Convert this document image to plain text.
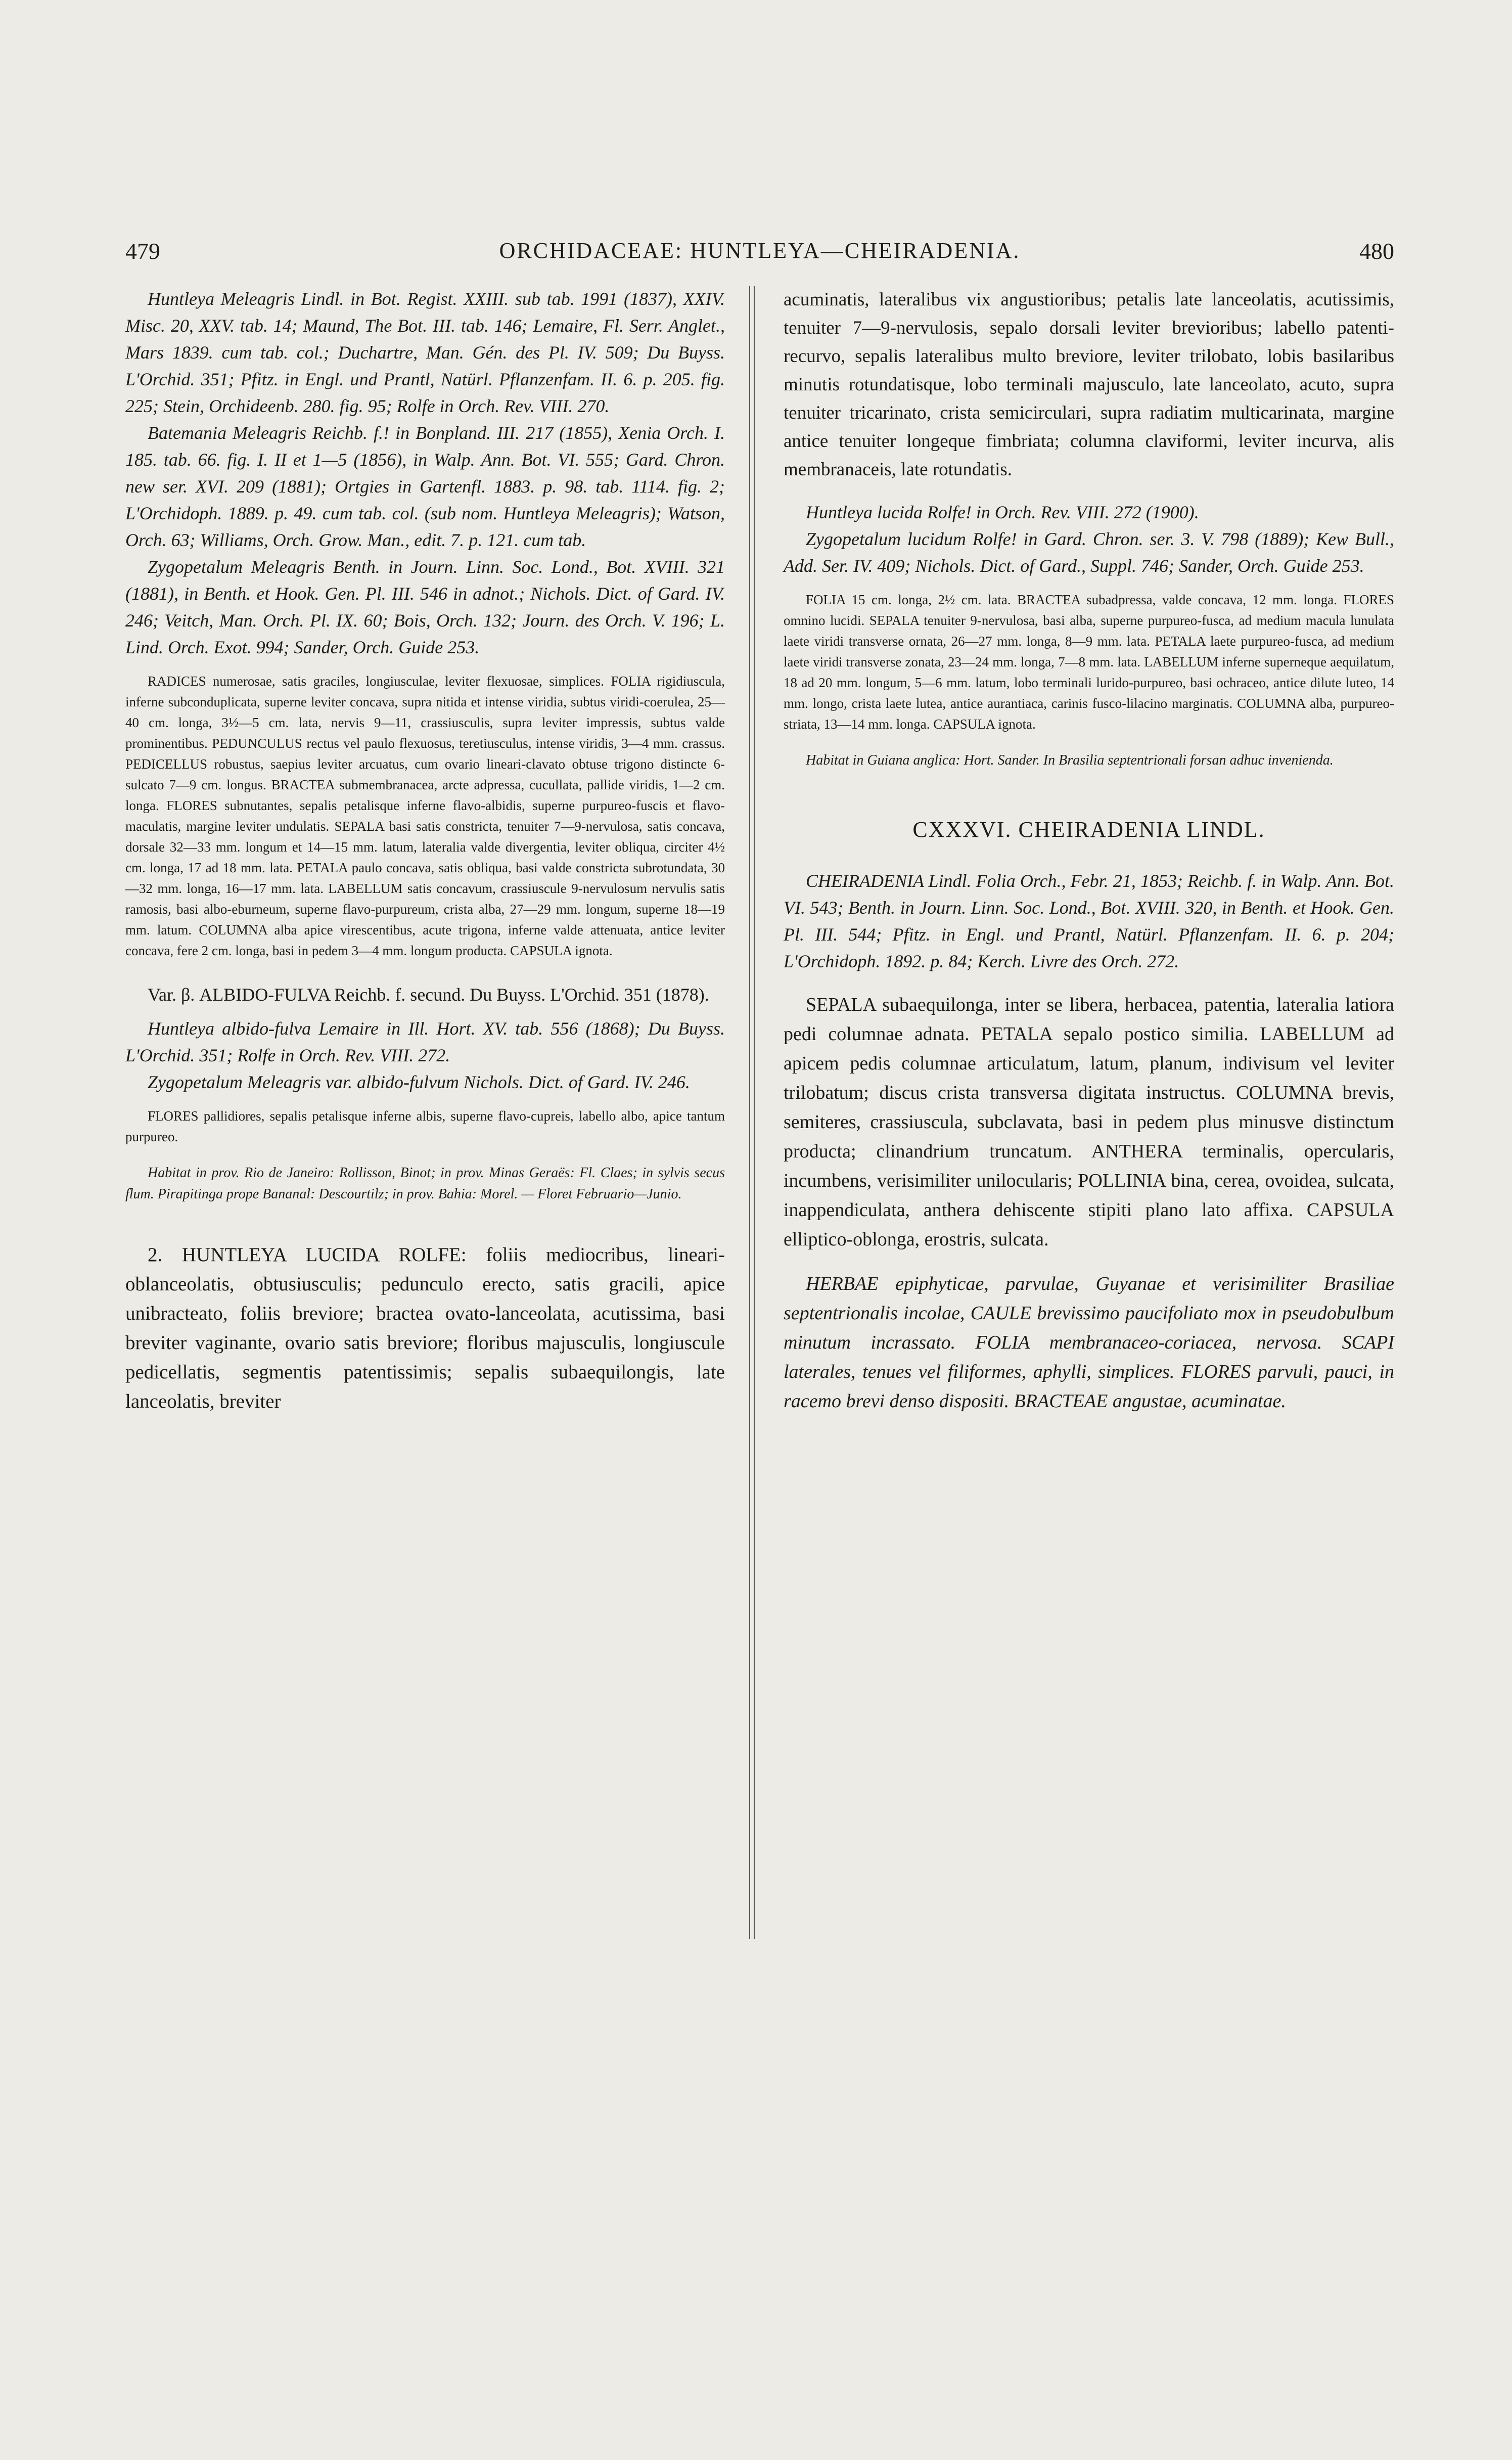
479	ORCHIDACEAE: HUNTLEYA—CHEIRADENIA.	480

Huntleya Meleagris Lindl. in Bot. Regist. XXIII. sub tab. 1991 (1837), XXIV. Misc. 20, XXV. tab. 14; Maund, The Bot. III. tab. 146; Lemaire, Fl. Serr. Anglet., Mars 1839. cum tab. col.; Duchartre, Man. Gén. des Pl. IV. 509; Du Buyss. L'Orchid. 351; Pfitz. in Engl. und Prantl, Natürl. Pflanzenfam. II. 6. p. 205. fig. 225; Stein, Orchideenb. 280. fig. 95; Rolfe in Orch. Rev. VIII. 270.

Batemania Meleagris Reichb. f.! in Bonpland. III. 217 (1855), Xenia Orch. I. 185. tab. 66. fig. I. II et 1—5 (1856), in Walp. Ann. Bot. VI. 555; Gard. Chron. new ser. XVI. 209 (1881); Ortgies in Gartenfl. 1883. p. 98. tab. 1114. fig. 2; L'Orchidoph. 1889. p. 49. cum tab. col. (sub nom. Huntleya Meleagris); Watson, Orch. 63; Williams, Orch. Grow. Man., edit. 7. p. 121. cum tab.

Zygopetalum Meleagris Benth. in Journ. Linn. Soc. Lond., Bot. XVIII. 321 (1881), in Benth. et Hook. Gen. Pl. III. 546 in adnot.; Nichols. Dict. of Gard. IV. 246; Veitch, Man. Orch. Pl. IX. 60; Bois, Orch. 132; Journ. des Orch. V. 196; L. Lind. Orch. Exot. 994; Sander, Orch. Guide 253.

RADICES numerosae, satis graciles, longiusculae, leviter flexuosae, simplices. FOLIA rigidiuscula, inferne subconduplicata, superne leviter concava, supra nitida et intense viridia, subtus viridi-coerulea, 25—40 cm. longa, 3½—5 cm. lata, nervis 9—11, crassiusculis, supra leviter impressis, subtus valde prominentibus. PEDUNCULUS rectus vel paulo flexuosus, teretiusculus, intense viridis, 3—4 mm. crassus. PEDICELLUS robustus, saepius leviter arcuatus, cum ovario lineari-clavato obtuse trigono distincte 6-sulcato 7—9 cm. longus. BRACTEA submembranacea, arcte adpressa, cucullata, pallide viridis, 1—2 cm. longa. FLORES subnutantes, sepalis petalisque inferne flavo-albidis, superne purpureo-fuscis et flavo-maculatis, margine leviter undulatis. SEPALA basi satis constricta, tenuiter 7—9-nervulosa, satis concava, dorsale 32—33 mm. longum et 14—15 mm. latum, lateralia valde divergentia, leviter obliqua, circiter 4½ cm. longa, 17 ad 18 mm. lata. PETALA paulo concava, satis obliqua, basi valde constricta subrotundata, 30—32 mm. longa, 16—17 mm. lata. LABELLUM satis concavum, crassiuscule 9-nervulosum nervulis satis ramosis, basi albo-eburneum, superne flavo-purpureum, crista alba, 27—29 mm. longum, superne 18—19 mm. latum. COLUMNA alba apice virescentibus, acute trigona, inferne valde attenuata, antice leviter concava, fere 2 cm. longa, basi in pedem 3—4 mm. longum producta. CAPSULA ignota.

Var. β. ALBIDO-FULVA Reichb. f. secund. Du Buyss. L'Orchid. 351 (1878).

Huntleya albido-fulva Lemaire in Ill. Hort. XV. tab. 556 (1868); Du Buyss. L'Orchid. 351; Rolfe in Orch. Rev. VIII. 272.

Zygopetalum Meleagris var. albido-fulvum Nichols. Dict. of Gard. IV. 246.

FLORES pallidiores, sepalis petalisque inferne albis, superne flavo-cupreis, labello albo, apice tantum purpureo.

Habitat in prov. Rio de Janeiro: Rollisson, Binot; in prov. Minas Geraës: Fl. Claes; in sylvis secus flum. Pirapitinga prope Bananal: Descourtilz; in prov. Bahia: Morel. — Floret Februario—Junio.

2. HUNTLEYA LUCIDA ROLFE: foliis mediocribus, lineari-oblanceolatis, obtusiusculis; pedunculo erecto, satis gracili, apice unibracteato, foliis breviore; bractea ovato-lanceolata, acutissima, basi breviter vaginante, ovario satis breviore; floribus majusculis, longiuscule pedicellatis, segmentis patentissimis; sepalis subaequilongis, late lanceolatis, breviter

acuminatis, lateralibus vix angustioribus; petalis late lanceolatis, acutissimis, tenuiter 7—9-nervulosis, sepalo dorsali leviter brevioribus; labello patenti-recurvo, sepalis lateralibus multo breviore, leviter trilobato, lobis basilaribus minutis rotundatisque, lobo terminali majusculo, late lanceolato, acuto, supra tenuiter tricarinato, crista semicirculari, supra radiatim multicarinata, margine antice tenuiter longeque fimbriata; columna claviformi, leviter incurva, alis membranaceis, late rotundatis.

Huntleya lucida Rolfe! in Orch. Rev. VIII. 272 (1900).

Zygopetalum lucidum Rolfe! in Gard. Chron. ser. 3. V. 798 (1889); Kew Bull., Add. Ser. IV. 409; Nichols. Dict. of Gard., Suppl. 746; Sander, Orch. Guide 253.

FOLIA 15 cm. longa, 2½ cm. lata. BRACTEA subadpressa, valde concava, 12 mm. longa. FLORES omnino lucidi. SEPALA tenuiter 9-nervulosa, basi alba, superne purpureo-fusca, ad medium macula lunulata laete viridi transverse ornata, 26—27 mm. longa, 8—9 mm. lata. PETALA laete purpureo-fusca, ad medium laete viridi transverse zonata, 23—24 mm. longa, 7—8 mm. lata. LABELLUM inferne superneque aequilatum, 18 ad 20 mm. longum, 5—6 mm. latum, lobo terminali lurido-purpureo, basi ochraceo, antice dilute luteo, 14 mm. longo, crista laete lutea, antice aurantiaca, carinis fusco-lilacino marginatis. COLUMNA alba, purpureo-striata, 13—14 mm. longa. CAPSULA ignota.

Habitat in Guiana anglica: Hort. Sander. In Brasilia septentrionali forsan adhuc invenienda.

CXXXVI. CHEIRADENIA LINDL.

CHEIRADENIA Lindl. Folia Orch., Febr. 21, 1853; Reichb. f. in Walp. Ann. Bot. VI. 543; Benth. in Journ. Linn. Soc. Lond., Bot. XVIII. 320, in Benth. et Hook. Gen. Pl. III. 544; Pfitz. in Engl. und Prantl, Natürl. Pflanzenfam. II. 6. p. 204; L'Orchidoph. 1892. p. 84; Kerch. Livre des Orch. 272.

SEPALA subaequilonga, inter se libera, herbacea, patentia, lateralia latiora pedi columnae adnata. PETALA sepalo postico similia. LABELLUM ad apicem pedis columnae articulatum, latum, planum, indivisum vel leviter trilobatum; discus crista transversa digitata instructus. COLUMNA brevis, semiteres, crassiuscula, subclavata, basi in pedem plus minusve distinctum producta; clinandrium truncatum. ANTHERA terminalis, opercularis, incumbens, verisimiliter unilocularis; POLLINIA bina, cerea, ovoidea, sulcata, inappendiculata, anthera dehiscente stipiti plano lato affixa. CAPSULA elliptico-oblonga, erostris, sulcata.

HERBAE epiphyticae, parvulae, Guyanae et verisimiliter Brasiliae septentrionalis incolae, CAULE brevissimo paucifoliato mox in pseudobulbum minutum incrassato. FOLIA membranaceo-coriacea, nervosa. SCAPI laterales, tenues vel filiformes, aphylli, simplices. FLORES parvuli, pauci, in racemo brevi denso dispositi. BRACTEAE angustae, acuminatae.
